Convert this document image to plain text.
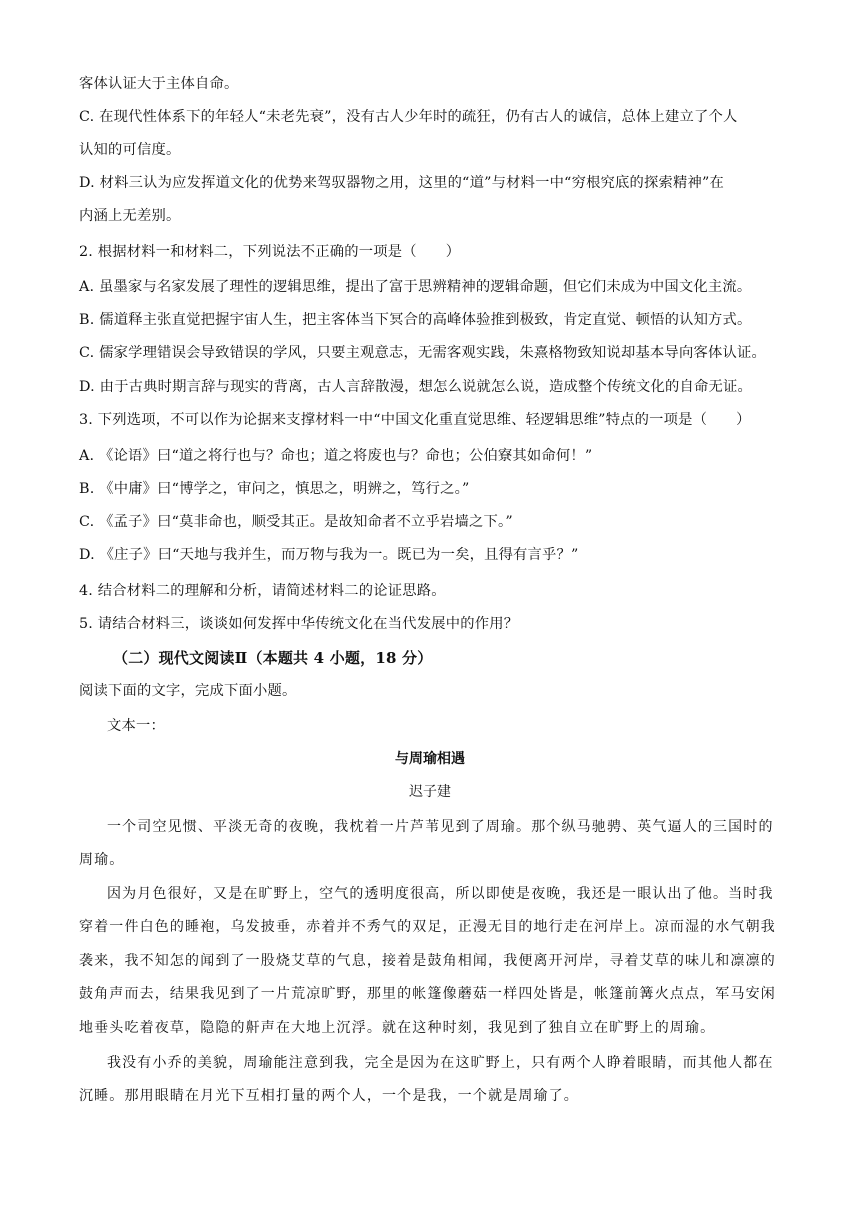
客体认证大于主体自命。
C. 在现代性体系下的年轻人“未老先衰”，没有古人少年时的疏狂，仍有古人的诚信，总体上建立了个人
认知的可信度。
D. 材料三认为应发挥道文化的优势来驾驭器物之用，这里的“道”与材料一中“穷根究底的探索精神”在
内涵上无差别。
2. 根据材料一和材料二，下列说法不正确的一项是（　　）
A. 虽墨家与名家发展了理性的逻辑思维，提出了富于思辨精神的逻辑命题，但它们未成为中国文化主流。
B. 儒道释主张直觉把握宇宙人生，把主客体当下冥合的高峰体验推到极致，肯定直觉、顿悟的认知方式。
C. 儒家学理错误会导致错误的学风，只要主观意志，无需客观实践，朱熹格物致知说却基本导向客体认证。
D. 由于古典时期言辞与现实的背离，古人言辞散漫，想怎么说就怎么说，造成整个传统文化的自命无证。
3. 下列选项，不可以作为论据来支撑材料一中“中国文化重直觉思维、轻逻辑思维”特点的一项是（　　）
A. 《论语》曰“道之将行也与？命也；道之将废也与？命也；公伯寮其如命何！”
B. 《中庸》曰“博学之，审问之，慎思之，明辨之，笃行之。”
C. 《孟子》曰“莫非命也，顺受其正。是故知命者不立乎岩墙之下。”
D. 《庄子》曰“天地与我并生，而万物与我为一。既已为一矣，且得有言乎？”
4. 结合材料二的理解和分析，请简述材料二的论证思路。
5. 请结合材料三，谈谈如何发挥中华传统文化在当代发展中的作用？
（二）现代文阅读Ⅱ（本题共 4 小题，18 分）
阅读下面的文字，完成下面小题。
文本一：
与周瑜相遇
迟子建
一个司空见惯、平淡无奇的夜晚，我枕着一片芦苇见到了周瑜。那个纵马驰骋、英气逼人的三国时的
周瑜。
因为月色很好，又是在旷野上，空气的透明度很高，所以即使是夜晚，我还是一眼认出了他。当时我
穿着一件白色的睡袍，乌发披垂，赤着并不秀气的双足，正漫无目的地行走在河岸上。凉而湿的水气朝我
袭来，我不知怎的闻到了一股烧艾草的气息，接着是鼓角相闻，我便离开河岸，寻着艾草的味儿和凛凛的
鼓角声而去，结果我见到了一片荒凉旷野，那里的帐篷像蘑菇一样四处皆是，帐篷前篝火点点，军马安闲
地垂头吃着夜草，隐隐的鼾声在大地上沉浮。就在这种时刻，我见到了独自立在旷野上的周瑜。
我没有小乔的美貌，周瑜能注意到我，完全是因为在这旷野上，只有两个人睁着眼睛，而其他人都在
沉睡。那用眼睛在月光下互相打量的两个人，一个是我，一个就是周瑜了。
